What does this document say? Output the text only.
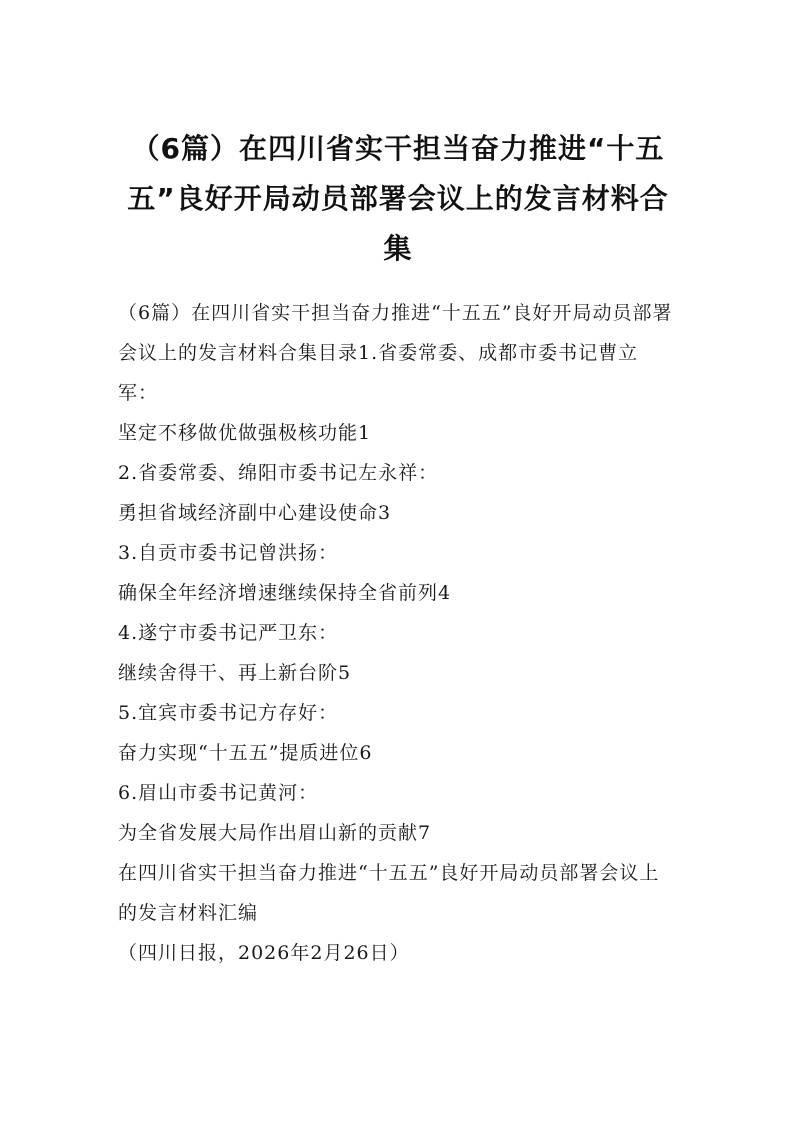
（6篇）在四川省实干担当奋力推进“十五五”良好开局动员部署会议上的发言材料合集

（6篇）在四川省实干担当奋力推进“十五五”良好开局动员部署会议上的发言材料合集目录1.省委常委、成都市委书记曹立军：

坚定不移做优做强极核功能1

2.省委常委、绵阳市委书记左永祥：

勇担省域经济副中心建设使命3

3.自贡市委书记曾洪扬：

确保全年经济增速继续保持全省前列4

4.遂宁市委书记严卫东：

继续舍得干、再上新台阶5

5.宜宾市委书记方存好：

奋力实现“十五五”提质进位6

6.眉山市委书记黄河：

为全省发展大局作出眉山新的贡献7

在四川省实干担当奋力推进“十五五”良好开局动员部署会议上的发言材料汇编

（四川日报，2026年2月26日）
